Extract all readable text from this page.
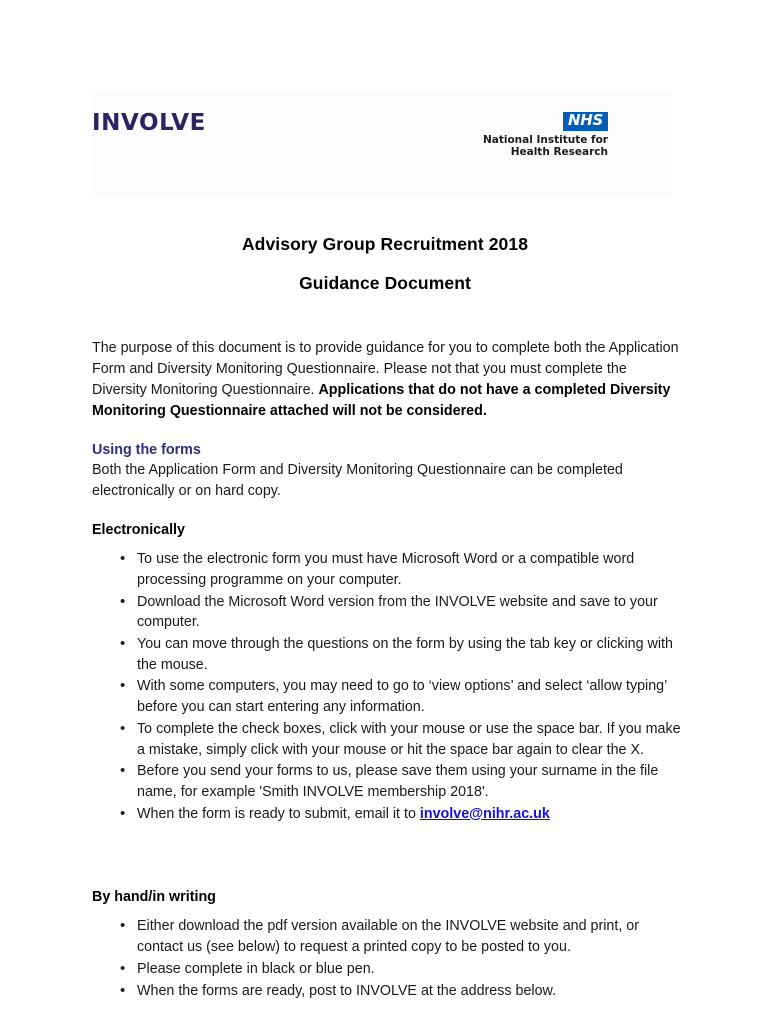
INVOLVE	NHS
National Institute for
Health Research
Advisory Group Recruitment 2018
Guidance Document

The purpose of this document is to provide guidance for you to complete both the Application Form and Diversity Monitoring Questionnaire. Please not that you must complete the Diversity Monitoring Questionnaire. Applications that do not have a completed Diversity Monitoring Questionnaire attached will not be considered.

Using the forms

Both the Application Form and Diversity Monitoring Questionnaire can be completed electronically or on hard copy.

Electronically
• To use the electronic form you must have Microsoft Word or a compatible word processing programme on your computer.
• Download the Microsoft Word version from the INVOLVE website and save to your computer.
• You can move through the questions on the form by using the tab key or clicking with the mouse.
• With some computers, you may need to go to ‘view options’ and select ‘allow typing’ before you can start entering any information.
• To complete the check boxes, click with your mouse or use the space bar. If you make a mistake, simply click with your mouse or hit the space bar again to clear the X.
• Before you send your forms to us, please save them using your surname in the file name, for example 'Smith INVOLVE membership 2018'.
• When the form is ready to submit, email it to involve@nihr.ac.uk
By hand/in writing
• Either download the pdf version available on the INVOLVE website and print, or contact us (see below) to request a printed copy to be posted to you.
• Please complete in black or blue pen.
• When the forms are ready, post to INVOLVE at the address below.
